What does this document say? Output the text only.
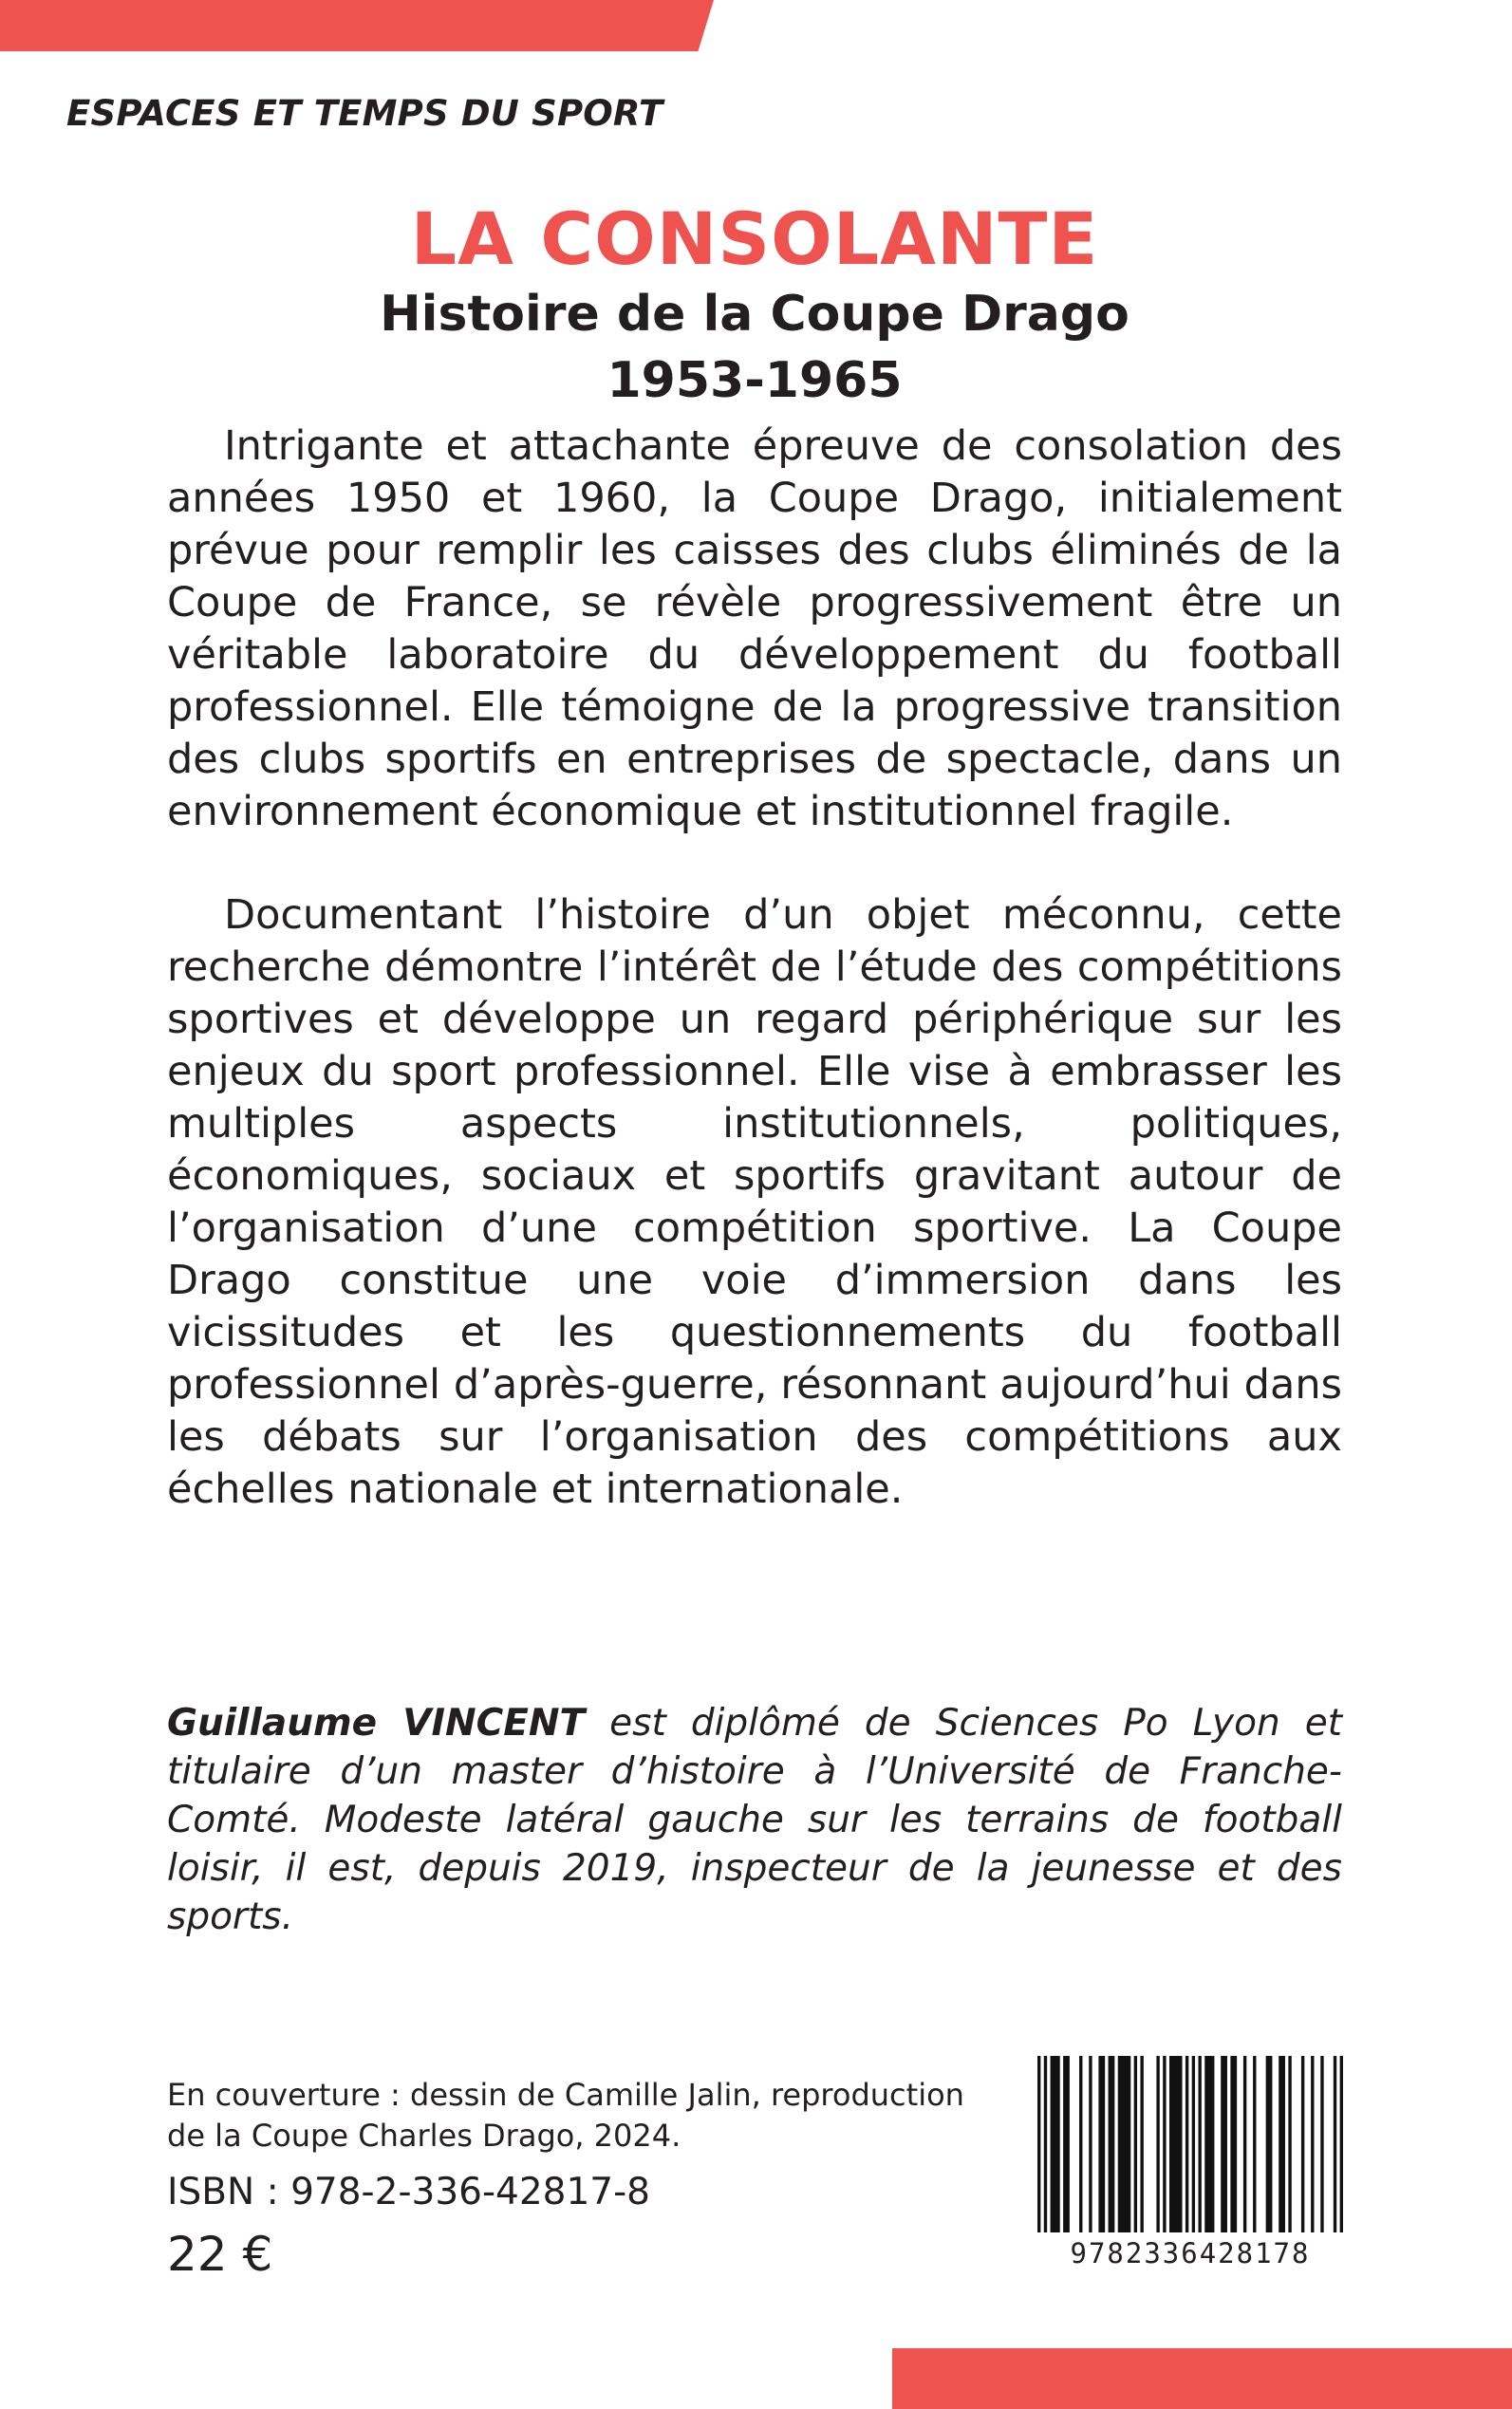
ESPACES ET TEMPS DU SPORT
LA CONSOLANTE
Histoire de la Coupe Drago
1953-1965

Intrigante et attachante épreuve de consolation des années 1950 et 1960, la Coupe Drago, initialement prévue pour remplir les caisses des clubs éliminés de la Coupe de France, se révèle progressivement être un véritable laboratoire du développement du football professionnel. Elle témoigne de la progressive transition des clubs sportifs en entreprises de spectacle, dans un environnement économique et institutionnel fragile.

Documentant l’histoire d’un objet méconnu, cette recherche démontre l’intérêt de l’étude des compétitions sportives et développe un regard périphérique sur les enjeux du sport professionnel. Elle vise à embrasser les multiples aspects institutionnels, politiques, économiques, sociaux et sportifs gravitant autour de l’organisation d’une compétition sportive. La Coupe Drago constitue une voie d’immersion dans les vicissitudes et les questionnements du football professionnel d’après-guerre, résonnant aujourd’hui dans les débats sur l’organisation des compétitions aux échelles nationale et internationale.

Guillaume VINCENT est diplômé de Sciences Po Lyon et titulaire d’un master d’histoire à l’Université de Franche-Comté. Modeste latéral gauche sur les terrains de football loisir, il est, depuis 2019, inspecteur de la jeunesse et des sports.
En couverture : dessin de Camille Jalin, reproduction de la Coupe Charles Drago, 2024.
ISBN : 978-2-336-42817-8
22 €	9782336428178
